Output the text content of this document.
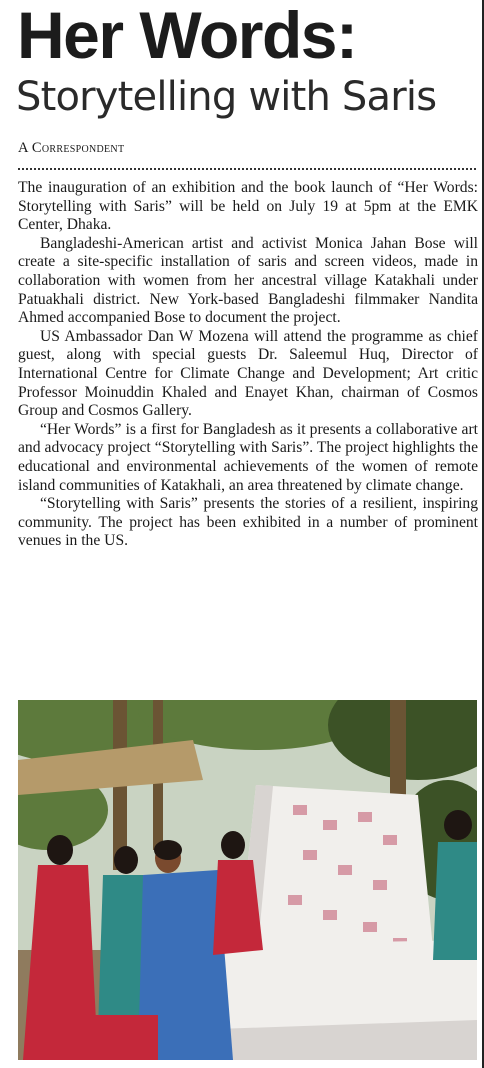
Her Words:
Storytelling with Saris
A Correspondent

The inauguration of an exhibition and the book launch of “Her Words: Storytelling with Saris” will be held on July 19 at 5pm at the EMK Center, Dhaka.

Bangladeshi-American artist and activist Monica Jahan Bose will create a site-specific installation of saris and screen videos, made in collaboration with women from her ancestral village Katakhali under Patuakhali district. New York-based Bangladeshi filmmaker Nandita Ahmed accompanied Bose to document the project.

US Ambassador Dan W Mozena will attend the programme as chief guest, along with special guests Dr. Saleemul Huq, Director of International Centre for Climate Change and Development; Art critic Professor Moinuddin Khaled and Enayet Khan, chairman of Cosmos Group and Cosmos Gallery.

“Her Words” is a first for Bangladesh as it presents a collaborative art and advocacy project “Storytelling with Saris”. The project highlights the educational and environmental achievements of the women of remote island communities of Katakhali, an area threatened by climate change.

“Storytelling with Saris” presents the stories of a resilient, inspiring community. The project has been exhibited in a number of prominent venues in the US.
